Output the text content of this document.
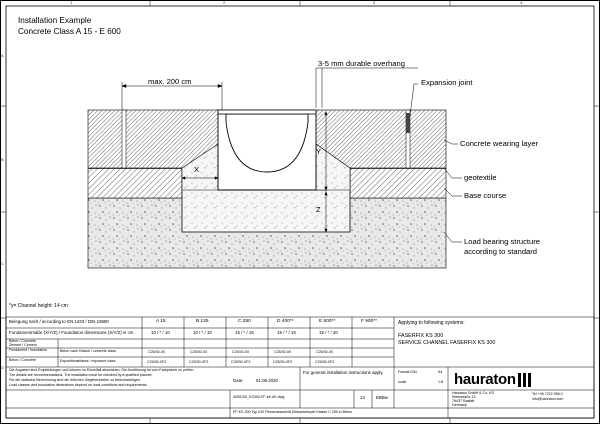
Installation Example
Concrete Class A 15 - E 600
max. 200 cm
3-5 mm durable overhang
X
Y
Z
Expansion joint
Concrete wearing layer
geotextile
Base course
Load bearing structure
according to standard
*y= Channel height: 14 cm
Belegung nach / according to EN 1433 / DIN 19580
Fundamentmaße (X/Y/Z) / Foundation dimensions (X/Y/Z) in cm
Beton / Concrete
Zement / Cement
Fundament / foundation	Beton nach Klasse / concrete class
Beton / Concrete	Expositionsklasse / exposure class
A 15	B 125	C 250	D 400**	E 600**	F 900**
10 / * / 10	10 / * / 10	15 / * / 15	15 / * / 15	15 / * / 20
C25/30-X0	C25/30-X0	C25/30-X0	C25/30-X0	C25/30-X0
C25/30-XF2	C25/30-XF2	C25/30-XF2	C25/30-XF2	C25/30-XF2
Die Angaben sind Empfehlungen und können im Einzelfall abweichen. Die Ausführung ist vom Fachplaner zu prüfen.
The details are recommendations. The installation must be checked by a qualified planner.
Für die statische Berechnung sind die örtlichen Gegebenheiten zu berücksichtigen.
Load classes and foundation dimensions depend on local conditions and requirements.
Applying to following systems:
FASERFIX KS 300
SERVICE CHANNEL FASERFIX KS 300
0000105_KS300-FF-Int-UK.dwg	13	EBBw
Date:	01.09.2020
For general installation instructions apply.	Format DIN	A4
scale	1:8
FF-KS-300 Typ 010 Rinnenanschnitt Einbaubeispiel Klasse C 250 in Beton
hauraton
Hauraton GmbH & Co. KG
Werkstraße 13
76437 Rastatt
Germany
Tel +49 7222 958 0
info@hauraton.com
1	2	3	4
A
B
C
D
